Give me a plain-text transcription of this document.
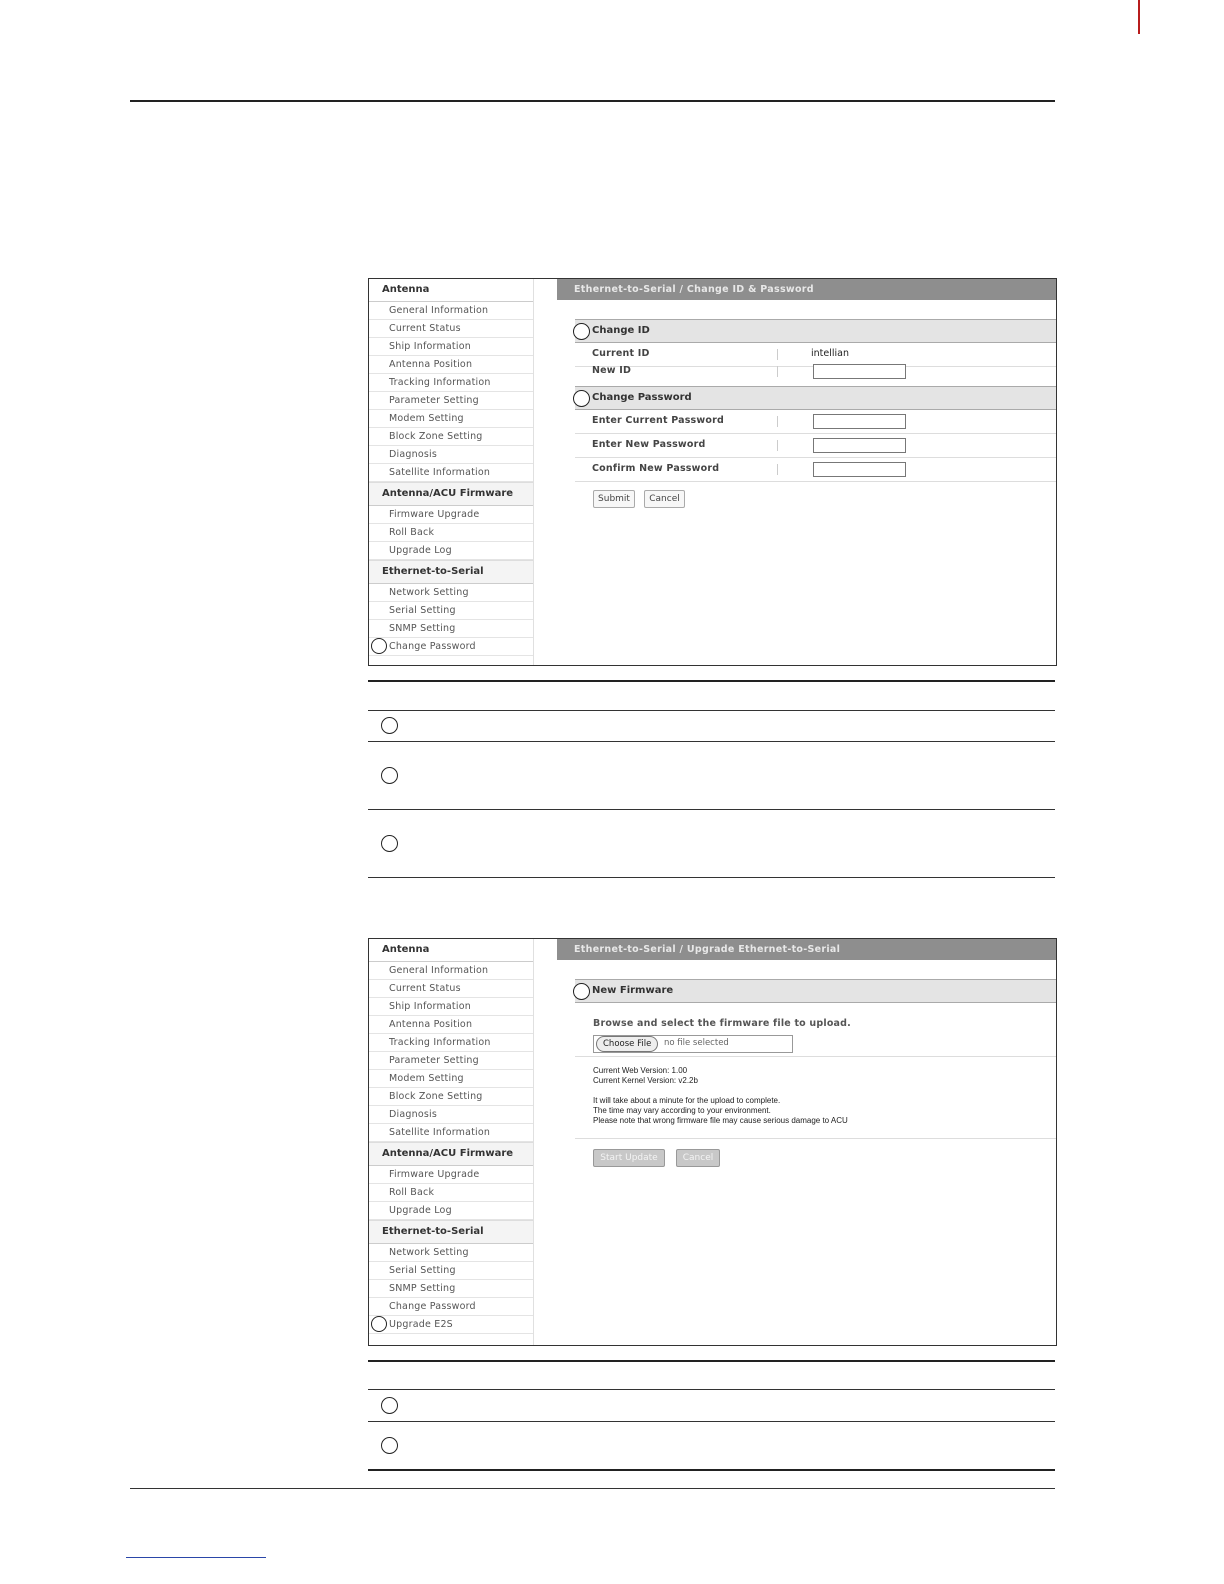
Antenna
General Information
Current Status
Ship Information
Antenna Position
Tracking Information
Parameter Setting
Modem Setting
Block Zone Setting
Diagnosis
Satellite Information
Antenna/ACU Firmware
Firmware Upgrade
Roll Back
Upgrade Log
Ethernet-to-Serial
Network Setting
Serial Setting
SNMP Setting
Change Password
Ethernet-to-Serial / Change ID & Password
Change ID
Current ID	intellian
New ID
Change Password
Enter Current Password
Enter New Password
Confirm New Password
Submit	Cancel
Antenna
General Information
Current Status
Ship Information
Antenna Position
Tracking Information
Parameter Setting
Modem Setting
Block Zone Setting
Diagnosis
Satellite Information
Antenna/ACU Firmware
Firmware Upgrade
Roll Back
Upgrade Log
Ethernet-to-Serial
Network Setting
Serial Setting
SNMP Setting
Change Password
Upgrade E2S
Ethernet-to-Serial / Upgrade Ethernet-to-Serial
New Firmware
Browse and select the firmware file to upload.
Choose File	no file selected
Current Web Version: 1.00
Current Kernel Version: v2.2b
It will take about a minute for the upload to complete.
The time may vary according to your environment.
Please note that wrong firmware file may cause serious damage to ACU
Start Update	Cancel
